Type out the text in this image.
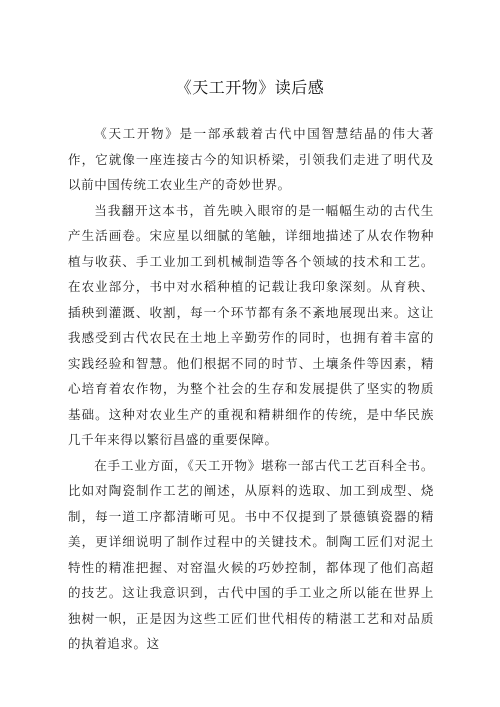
《天工开物》读后感

《天工开物》是一部承载着古代中国智慧结晶的伟大著作，它就像一座连接古今的知识桥梁，引领我们走进了明代及以前中国传统工农业生产的奇妙世界。

当我翻开这本书，首先映入眼帘的是一幅幅生动的古代生产生活画卷。宋应星以细腻的笔触，详细地描述了从农作物种植与收获、手工业加工到机械制造等各个领域的技术和工艺。在农业部分，书中对水稻种植的记载让我印象深刻。从育秧、插秧到灌溉、收割，每一个环节都有条不紊地展现出来。这让我感受到古代农民在土地上辛勤劳作的同时，也拥有着丰富的实践经验和智慧。他们根据不同的时节、土壤条件等因素，精心培育着农作物，为整个社会的生存和发展提供了坚实的物质基础。这种对农业生产的重视和精耕细作的传统，是中华民族几千年来得以繁衍昌盛的重要保障。

在手工业方面，《天工开物》堪称一部古代工艺百科全书。比如对陶瓷制作工艺的阐述，从原料的选取、加工到成型、烧制，每一道工序都清晰可见。书中不仅提到了景德镇瓷器的精美，更详细说明了制作过程中的关键技术。制陶工匠们对泥土特性的精准把握、对窑温火候的巧妙控制，都体现了他们高超的技艺。这让我意识到，古代中国的手工业之所以能在世界上独树一帜，正是因为这些工匠们世代相传的精湛工艺和对品质的执着追求。这
